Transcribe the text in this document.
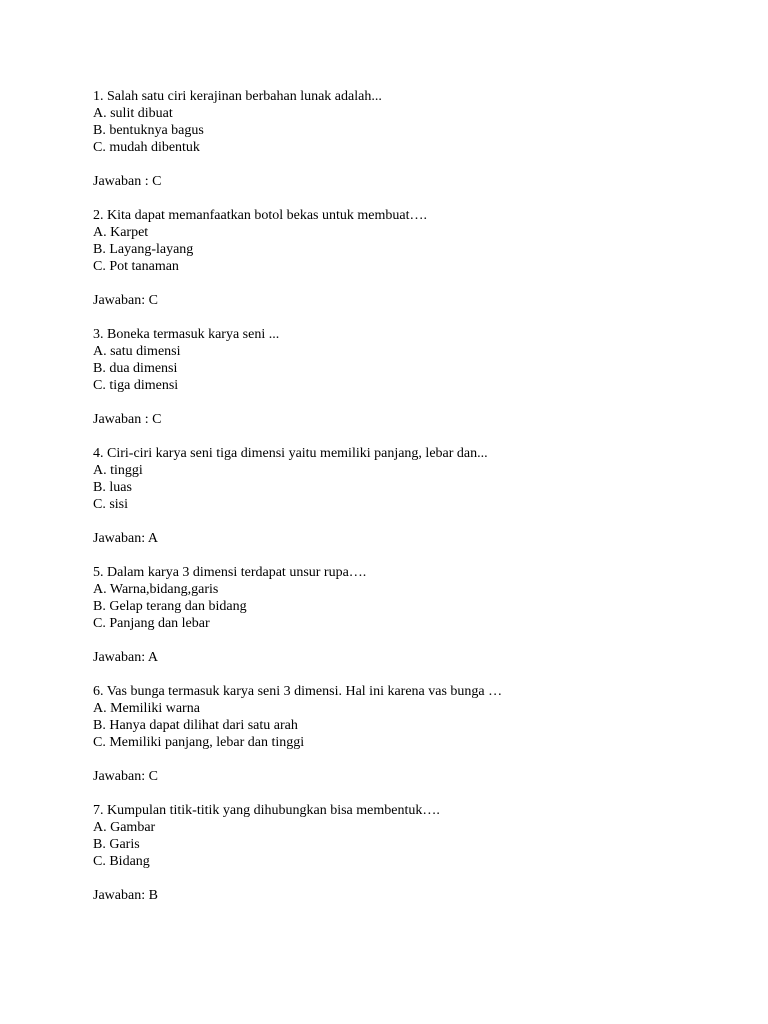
1. Salah satu ciri kerajinan berbahan lunak adalah...
A. sulit dibuat
B. bentuknya bagus
C. mudah dibentuk
Jawaban : C
2. Kita dapat memanfaatkan botol bekas untuk membuat….
A. Karpet
B. Layang-layang
C. Pot tanaman
Jawaban: C
3. Boneka termasuk karya seni ...
A. satu dimensi
B. dua dimensi
C. tiga dimensi
Jawaban : C
4. Ciri-ciri karya seni tiga dimensi yaitu memiliki panjang, lebar dan...
A. tinggi
B. luas
C. sisi
Jawaban: A
5. Dalam karya 3 dimensi terdapat unsur rupa….
A. Warna,bidang,garis
B. Gelap terang dan bidang
C. Panjang dan lebar
Jawaban: A
6. Vas bunga termasuk karya seni 3 dimensi. Hal ini karena vas bunga …
A. Memiliki warna
B. Hanya dapat dilihat dari satu arah
C. Memiliki panjang, lebar dan tinggi
Jawaban: C
7. Kumpulan titik-titik yang dihubungkan bisa membentuk….
A. Gambar
B. Garis
C. Bidang
Jawaban: B
